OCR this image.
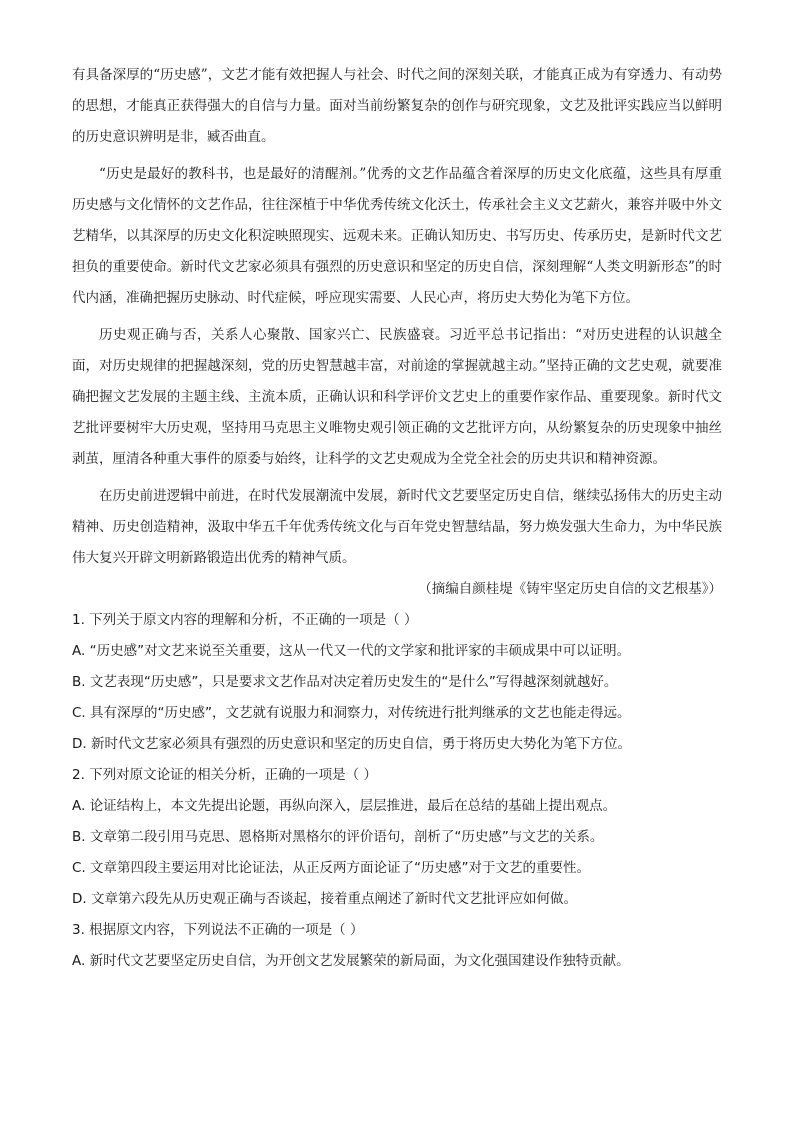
有具备深厚的“历史感”，文艺才能有效把握人与社会、时代之间的深刻关联，才能真正成为有穿透力、有动势的思想，才能真正获得强大的自信与力量。面对当前纷繁复杂的创作与研究现象，文艺及批评实践应当以鲜明的历史意识辨明是非，臧否曲直。

“历史是最好的教科书，也是最好的清醒剂。”优秀的文艺作品蕴含着深厚的历史文化底蕴，这些具有厚重历史感与文化情怀的文艺作品，往往深植于中华优秀传统文化沃土，传承社会主义文艺薪火，兼容并吸中外文艺精华，以其深厚的历史文化积淀映照现实、远观未来。正确认知历史、书写历史、传承历史，是新时代文艺担负的重要使命。新时代文艺家必须具有强烈的历史意识和坚定的历史自信，深刻理解“人类文明新形态”的时代内涵，准确把握历史脉动、时代症候，呼应现实需要、人民心声，将历史大势化为笔下方位。

历史观正确与否，关系人心聚散、国家兴亡、民族盛衰。习近平总书记指出：“对历史进程的认识越全面，对历史规律的把握越深刻，党的历史智慧越丰富，对前途的掌握就越主动。”坚持正确的文艺史观，就要准确把握文艺发展的主题主线、主流本质，正确认识和科学评价文艺史上的重要作家作品、重要现象。新时代文艺批评要树牢大历史观，坚持用马克思主义唯物史观引领正确的文艺批评方向，从纷繁复杂的历史现象中抽丝剥茧，厘清各种重大事件的原委与始终，让科学的文艺史观成为全党全社会的历史共识和精神资源。

在历史前进逻辑中前进，在时代发展潮流中发展，新时代文艺要坚定历史自信，继续弘扬伟大的历史主动精神、历史创造精神，汲取中华五千年优秀传统文化与百年党史智慧结晶，努力焕发强大生命力，为中华民族伟大复兴开辟文明新路锻造出优秀的精神气质。

（摘编自颜桂堤《铸牢坚定历史自信的文艺根基》）

1. 下列关于原文内容的理解和分析，不正确的一项是（ ）

A. “历史感”对文艺来说至关重要，这从一代又一代的文学家和批评家的丰硕成果中可以证明。

B. 文艺表现“历史感”，只是要求文艺作品对决定着历史发生的“是什么”写得越深刻就越好。

C. 具有深厚的“历史感”，文艺就有说服力和洞察力，对传统进行批判继承的文艺也能走得远。

D. 新时代文艺家必须具有强烈的历史意识和坚定的历史自信，勇于将历史大势化为笔下方位。

2. 下列对原文论证的相关分析，正确的一项是（ ）

A. 论证结构上，本文先提出论题，再纵向深入，层层推进，最后在总结的基础上提出观点。

B. 文章第二段引用马克思、恩格斯对黑格尔的评价语句，剖析了“历史感”与文艺的关系。

C. 文章第四段主要运用对比论证法，从正反两方面论证了“历史感”对于文艺的重要性。

D. 文章第六段先从历史观正确与否谈起，接着重点阐述了新时代文艺批评应如何做。

3. 根据原文内容，下列说法不正确的一项是（ ）

A. 新时代文艺要坚定历史自信，为开创文艺发展繁荣的新局面，为文化强国建设作独特贡献。
